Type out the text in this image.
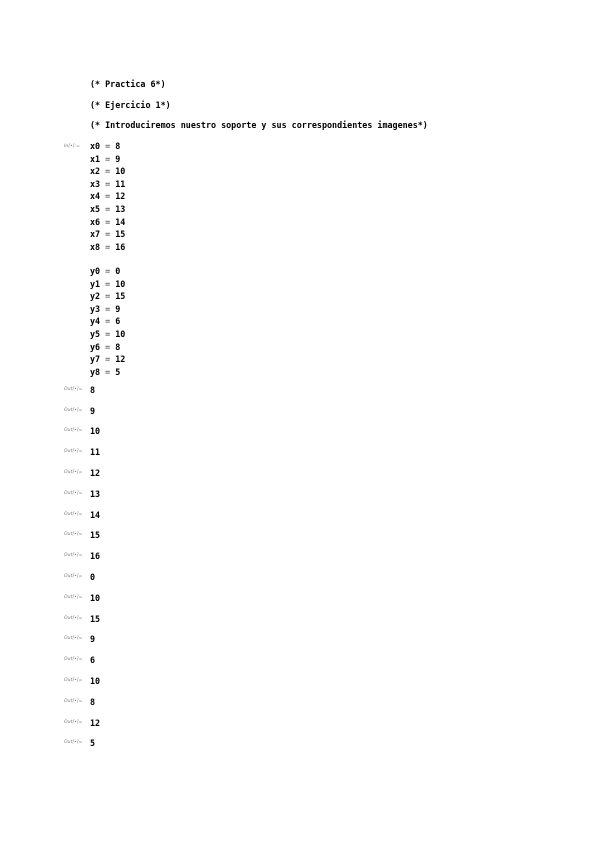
(* Practica 6*)
(* Ejercicio 1*)
(* Introduciremos nuestro soporte y sus correspondientes imagenes*)
In[•]:= x0 = 8
x1 = 9
x2 = 10
x3 = 11
x4 = 12
x5 = 13
x6 = 14
x7 = 15
x8 = 16
y0 = 0
y1 = 10
y2 = 15
y3 = 9
y4 = 6
y5 = 10
y6 = 8
y7 = 12
y8 = 5
Out[•]= 8
Out[•]= 9
Out[•]= 10
Out[•]= 11
Out[•]= 12
Out[•]= 13
Out[•]= 14
Out[•]= 15
Out[•]= 16
Out[•]= 0
Out[•]= 10
Out[•]= 15
Out[•]= 9
Out[•]= 6
Out[•]= 10
Out[•]= 8
Out[•]= 12
Out[•]= 5
